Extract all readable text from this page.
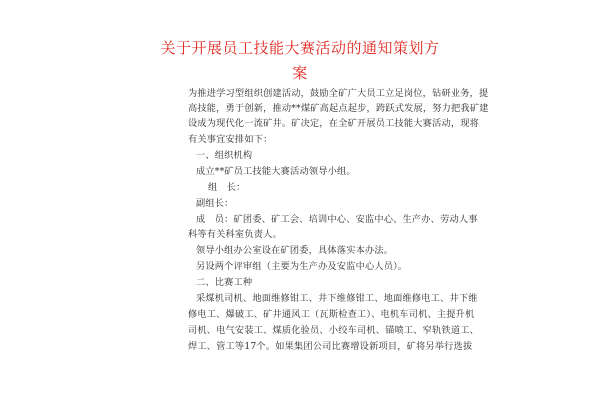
关于开展员工技能大赛活动的通知策划方
案
为推进学习型组织创建活动，鼓励全矿广大员工立足岗位，钻研业务，提
高技能，勇于创新，推动**煤矿高起点起步，跨跃式发展，努力把我矿建
设成为现代化一流矿井。矿决定，在全矿开展员工技能大赛活动，现将
有关事宜安排如下：
一、组织机构
成立**矿员工技能大赛活动领导小组。
组　长：
副组长：
成　员：矿团委、矿工会、培训中心、安监中心、生产办、劳动人事
科等有关科室负责人。
领导小组办公室设在矿团委，具体落实本办法。
另设两个评审组（主要为生产办及安监中心人员）。
二、比赛工种
采煤机司机、地面维修钳工、井下维修钳工、地面维修电工、井下维
修电工、爆破工、矿井通风工（瓦斯检查工）、电机车司机、主提升机
司机、电气安装工、煤质化验员、小绞车司机、锚喷工、窄轨铁道工、
焊工、管工等17个。如果集团公司比赛增设新项目，矿将另举行选拔
